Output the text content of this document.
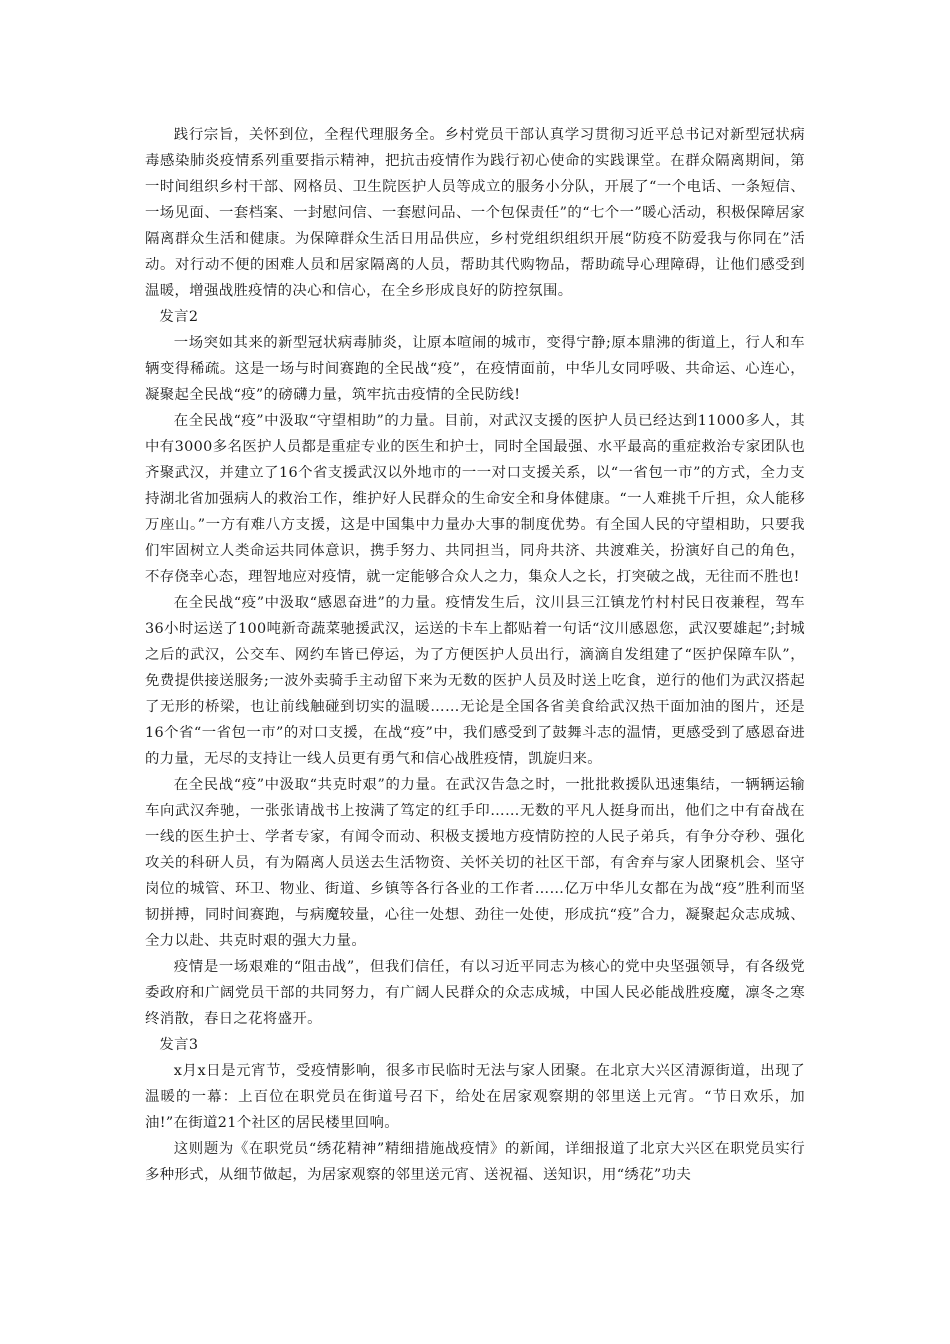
践行宗旨，关怀到位，全程代理服务全。乡村党员干部认真学习贯彻习近平总书记对新型冠状病毒感染肺炎疫情系列重要指示精神，把抗击疫情作为践行初心使命的实践课堂。在群众隔离期间，第一时间组织乡村干部、网格员、卫生院医护人员等成立的服务小分队，开展了“一个电话、一条短信、一场见面、一套档案、一封慰问信、一套慰问品、一个包保责任”的“七个一”暖心活动，积极保障居家隔离群众生活和健康。为保障群众生活日用品供应，乡村党组织组织开展“防疫不防爱我与你同在”活动。对行动不便的困难人员和居家隔离的人员，帮助其代购物品，帮助疏导心理障碍，让他们感受到温暖，增强战胜疫情的决心和信心，在全乡形成良好的防控氛围。

发言2

一场突如其来的新型冠状病毒肺炎，让原本喧闹的城市，变得宁静;原本鼎沸的街道上，行人和车辆变得稀疏。这是一场与时间赛跑的全民战“疫”，在疫情面前，中华儿女同呼吸、共命运、心连心，凝聚起全民战“疫”的磅礴力量，筑牢抗击疫情的全民防线!

在全民战“疫”中汲取“守望相助”的力量。目前，对武汉支援的医护人员已经达到11000多人，其中有3000多名医护人员都是重症专业的医生和护士，同时全国最强、水平最高的重症救治专家团队也齐聚武汉，并建立了16个省支援武汉以外地市的一一对口支援关系，以“一省包一市”的方式，全力支持湖北省加强病人的救治工作，维护好人民群众的生命安全和身体健康。“一人难挑千斤担，众人能移万座山。”一方有难八方支援，这是中国集中力量办大事的制度优势。有全国人民的守望相助，只要我们牢固树立人类命运共同体意识，携手努力、共同担当，同舟共济、共渡难关，扮演好自己的角色，不存侥幸心态，理智地应对疫情，就一定能够合众人之力，集众人之长，打突破之战，无往而不胜也!

在全民战“疫”中汲取“感恩奋进”的力量。疫情发生后，汶川县三江镇龙竹村村民日夜兼程，驾车36小时运送了100吨新奇蔬菜驰援武汉，运送的卡车上都贴着一句话“汶川感恩您，武汉要雄起”;封城之后的武汉，公交车、网约车皆已停运，为了方便医护人员出行，滴滴自发组建了“医护保障车队”，免费提供接送服务;一波外卖骑手主动留下来为无数的医护人员及时送上吃食，逆行的他们为武汉搭起了无形的桥梁，也让前线触碰到切实的温暖……无论是全国各省美食给武汉热干面加油的图片，还是16个省“一省包一市”的对口支援，在战“疫”中，我们感受到了鼓舞斗志的温情，更感受到了感恩奋进的力量，无尽的支持让一线人员更有勇气和信心战胜疫情，凯旋归来。

在全民战“疫”中汲取“共克时艰”的力量。在武汉告急之时，一批批救援队迅速集结，一辆辆运输车向武汉奔驰，一张张请战书上按满了笃定的红手印……无数的平凡人挺身而出，他们之中有奋战在一线的医生护士、学者专家，有闻令而动、积极支援地方疫情防控的人民子弟兵，有争分夺秒、强化攻关的科研人员，有为隔离人员送去生活物资、关怀关切的社区干部，有舍弃与家人团聚机会、坚守岗位的城管、环卫、物业、街道、乡镇等各行各业的工作者……亿万中华儿女都在为战“疫”胜利而坚韧拼搏，同时间赛跑，与病魔较量，心往一处想、劲往一处使，形成抗“疫”合力，凝聚起众志成城、全力以赴、共克时艰的强大力量。

疫情是一场艰难的“阻击战”，但我们信任，有以习近平同志为核心的党中央坚强领导，有各级党委政府和广阔党员干部的共同努力，有广阔人民群众的众志成城，中国人民必能战胜疫魔，凛冬之寒终消散，春日之花将盛开。

发言3

x月x日是元宵节，受疫情影响，很多市民临时无法与家人团聚。在北京大兴区清源街道，出现了温暖的一幕：上百位在职党员在街道号召下，给处在居家观察期的邻里送上元宵。“节日欢乐，加油!”在街道21个社区的居民楼里回响。

这则题为《在职党员“绣花精神”精细措施战疫情》的新闻，详细报道了北京大兴区在职党员实行多种形式，从细节做起，为居家观察的邻里送元宵、送祝福、送知识，用“绣花”功夫
